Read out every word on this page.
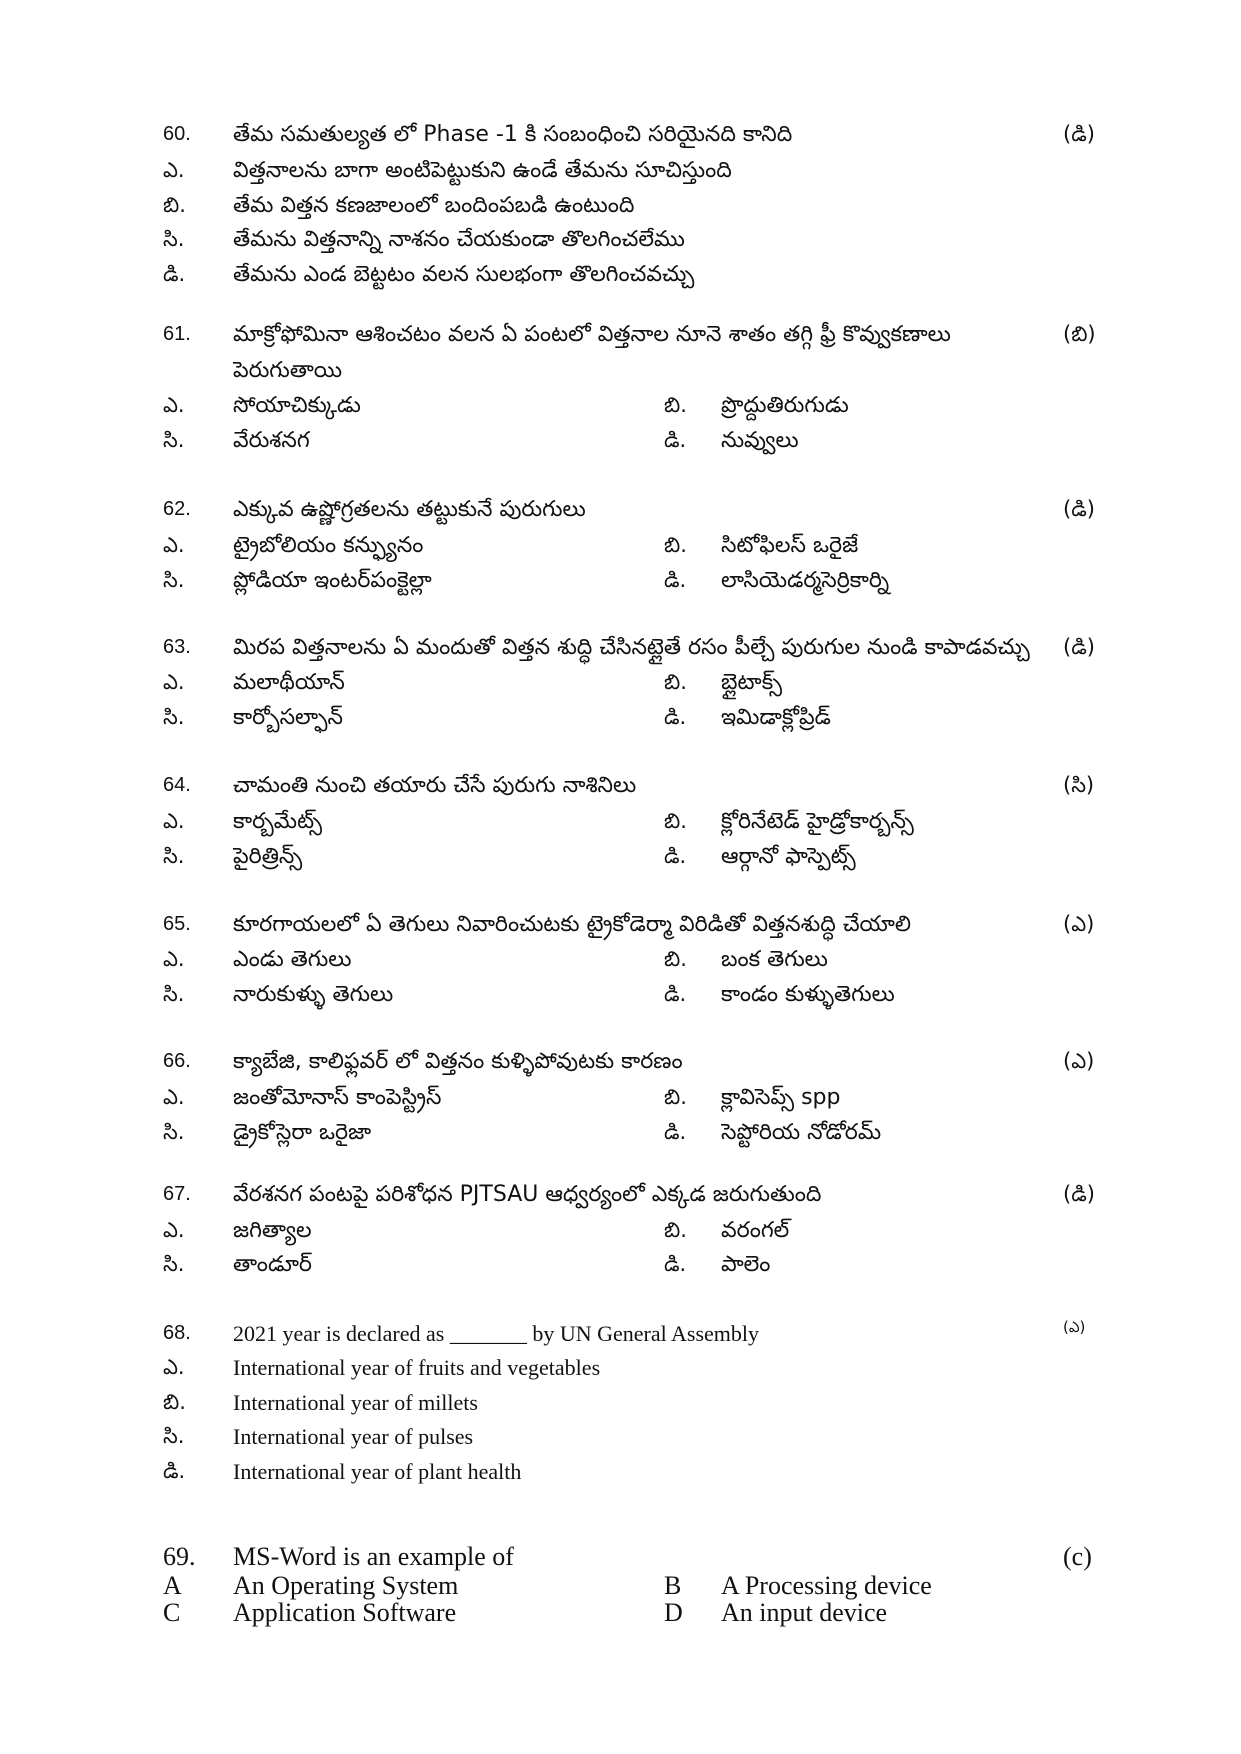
60.	తేమ సమతుల్యత లో Phase -1 కి సంబంధించి సరియైనది కానిది	(డి)
ఎ.	విత్తనాలను బాగా అంటిపెట్టుకుని ఉండే తేమను సూచిస్తుంది
బి.	తేమ విత్తన కణజాలంలో బందింపబడి ఉంటుంది
సి.	తేమను విత్తనాన్ని నాశనం చేయకుండా తొలగించలేము
డి.	తేమను ఎండ బెట్టటం వలన సులభంగా తొలగించవచ్చు
61.	మాక్రోఫోమినా ఆశించటం వలన ఏ పంటలో విత్తనాల నూనె శాతం తగ్గి ఫ్రీ కొవ్వుకణాలు	(బి)
పెరుగుతాయి
ఎ.	సోయాచిక్కుడు	బి.	ప్రొద్దుతిరుగుడు
సి.	వేరుశనగ	డి.	నువ్వులు
62.	ఎక్కువ ఉష్ణోగ్రతలను తట్టుకునే పురుగులు	(డి)
ఎ.	ట్రైబోలియం కన్ఫ్యునం	బి.	సిటోఫిలస్ ఒరైజే
సి.	ప్లోడియా ఇంటర్‌పంక్టెల్లా	డి.	లాసియెడర్మసెర్రికార్ని
63.	మిరప విత్తనాలను ఏ మందుతో విత్తన శుద్ధి చేసినట్లైతే రసం పీల్చే పురుగుల నుండి కాపాడవచ్చు	(డి)
ఎ.	మలాథీయాన్	బి.	బ్లైటాక్స్
సి.	కార్బోసల్ఫాన్	డి.	ఇమిడాక్లోప్రిడ్
64.	చామంతి నుంచి తయారు చేసే పురుగు నాశినిలు	(సి)
ఎ.	కార్బమేట్స్	బి.	క్లోరినేటెడ్ హైడ్రోకార్బన్స్
సి.	పైరిత్రిన్స్	డి.	ఆర్గానో ఫాస్పెట్స్
65.	కూరగాయలలో ఏ తెగులు నివారించుటకు ట్రైకోడెర్మా విరిడితో విత్తనశుద్ధి చేయాలి	(ఎ)
ఎ.	ఎండు తెగులు	బి.	బంక తెగులు
సి.	నారుకుళ్ళు తెగులు	డి.	కాండం కుళ్ళుతెగులు
66.	క్యాబేజి, కాలిఫ్లవర్ లో విత్తనం కుళ్ళిపోవుటకు కారణం	(ఎ)
ఎ.	జంతోమోనాస్ కాంపెస్ట్రిస్	బి.	క్లావిసెప్స్ spp
సి.	డ్రైకోస్లెరా ఒరైజా	డి.	సెప్టోరియ నోడోరమ్
67.	వేరశనగ పంటపై పరిశోధన PJTSAU ఆధ్వర్యంలో ఎక్కడ జరుగుతుంది	(డి)
ఎ.	జగిత్యాల	బి.	వరంగల్
సి.	తాండూర్	డి.	పాలెం
68.	2021 year is declared as _______ by UN General Assembly	(ఎ)
ఎ.	International year of fruits and vegetables
బి.	International year of millets
సి.	International year of pulses
డి.	International year of plant health
69.	MS-Word is an example of	(c)
A	An Operating System	B	A Processing device
C	Application Software	D	An input device
